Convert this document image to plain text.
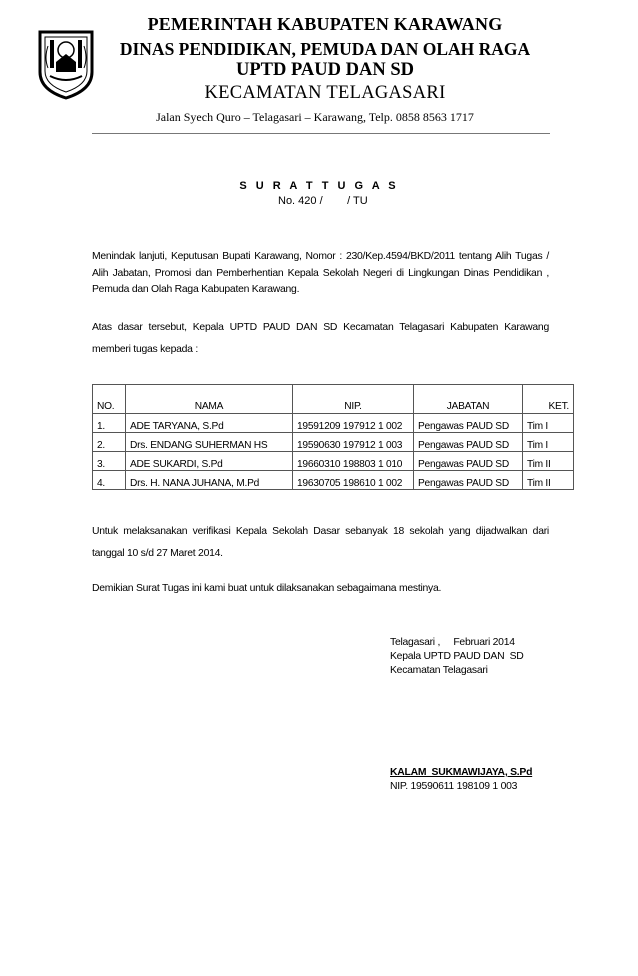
PEMERINTAH KABUPATEN KARAWANG
DINAS PENDIDIKAN, PEMUDA DAN OLAH RAGA
UPTD PAUD DAN SD
KECAMATAN TELAGASARI
Jalan Syech Quro – Telagasari – Karawang, Telp. 0858 8563 1717
S U R A T T U G A S
No. 420 /        / TU
Menindak lanjuti, Keputusan Bupati Karawang, Nomor : 230/Kep.4594/BKD/2011 tentang Alih Tugas / Alih Jabatan, Promosi dan Pemberhentian Kepala Sekolah Negeri di Lingkungan Dinas Pendidikan , Pemuda dan Olah Raga Kabupaten Karawang.
Atas dasar tersebut, Kepala UPTD PAUD DAN SD Kecamatan Telagasari Kabupaten Karawang memberi tugas kepada :
NO.	NAMA	NIP.	JABATAN	KET.
1.	ADE TARYANA, S.Pd	19591209 197912 1 002	Pengawas PAUD SD	Tim I
2.	Drs. ENDANG SUHERMAN HS	19590630 197912 1 003	Pengawas PAUD SD	Tim I
3.	ADE SUKARDI, S.Pd	19660310 198803 1 010	Pengawas PAUD SD	Tim II
4.	Drs. H. NANA JUHANA, M.Pd	19630705 198610 1 002	Pengawas PAUD SD	Tim II
Untuk melaksanakan verifikasi Kepala Sekolah Dasar sebanyak 18 sekolah yang dijadwalkan dari tanggal 10 s/d 27 Maret 2014.
Demikian Surat Tugas ini kami buat untuk dilaksanakan sebagaimana mestinya.
Telagasari ,     Februari 2014
Kepala UPTD PAUD DAN  SD
Kecamatan Telagasari
KALAM  SUKMAWIJAYA, S.Pd
NIP. 19590611 198109 1 003
